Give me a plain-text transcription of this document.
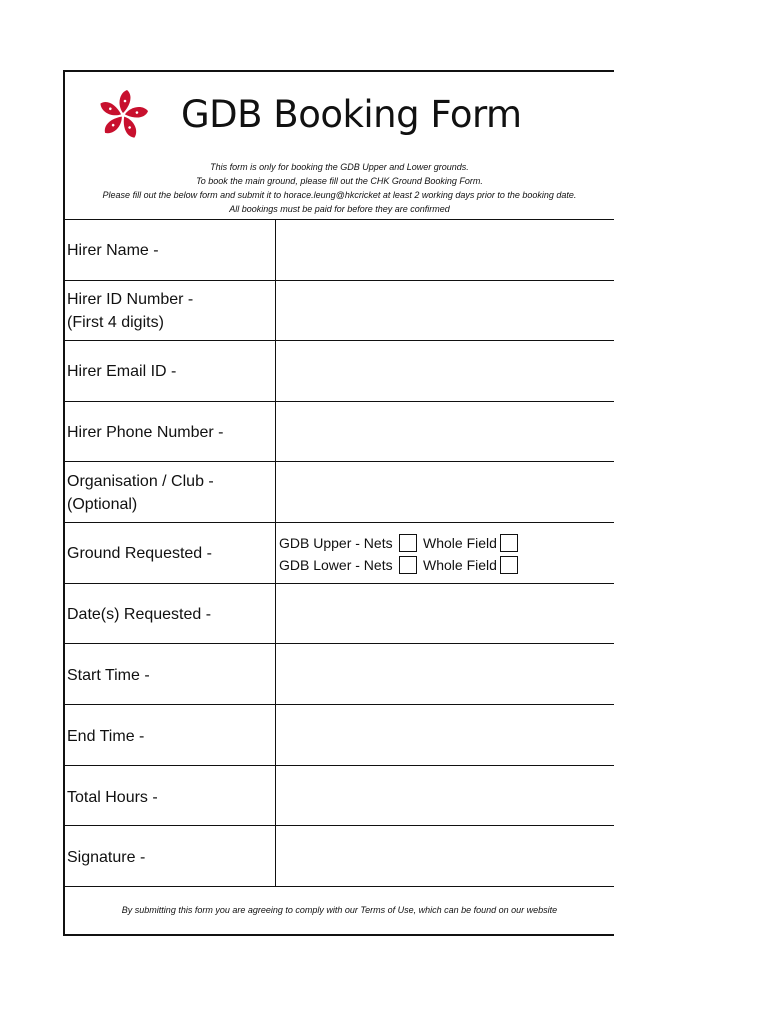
GDB Booking Form
This form is only for booking the GDB Upper and Lower grounds.
To book the main ground, please fill out the CHK Ground Booking Form.
Please fill out the below form and submit it to horace.leung@hkcricket at least 2 working days prior to the booking date.
All bookings must be paid for before they are confirmed
Hirer Name -
Hirer ID Number -
(First 4 digits)
Hirer Email ID -
Hirer Phone Number -
Organisation / Club -
(Optional)
Ground Requested -
GDB Upper - Nets Whole Field
GDB Lower - Nets Whole Field
Date(s) Requested -
Start Time -
End Time -
Total Hours -
Signature -
By submitting this form you are agreeing to comply with our Terms of Use, which can be found on our website
